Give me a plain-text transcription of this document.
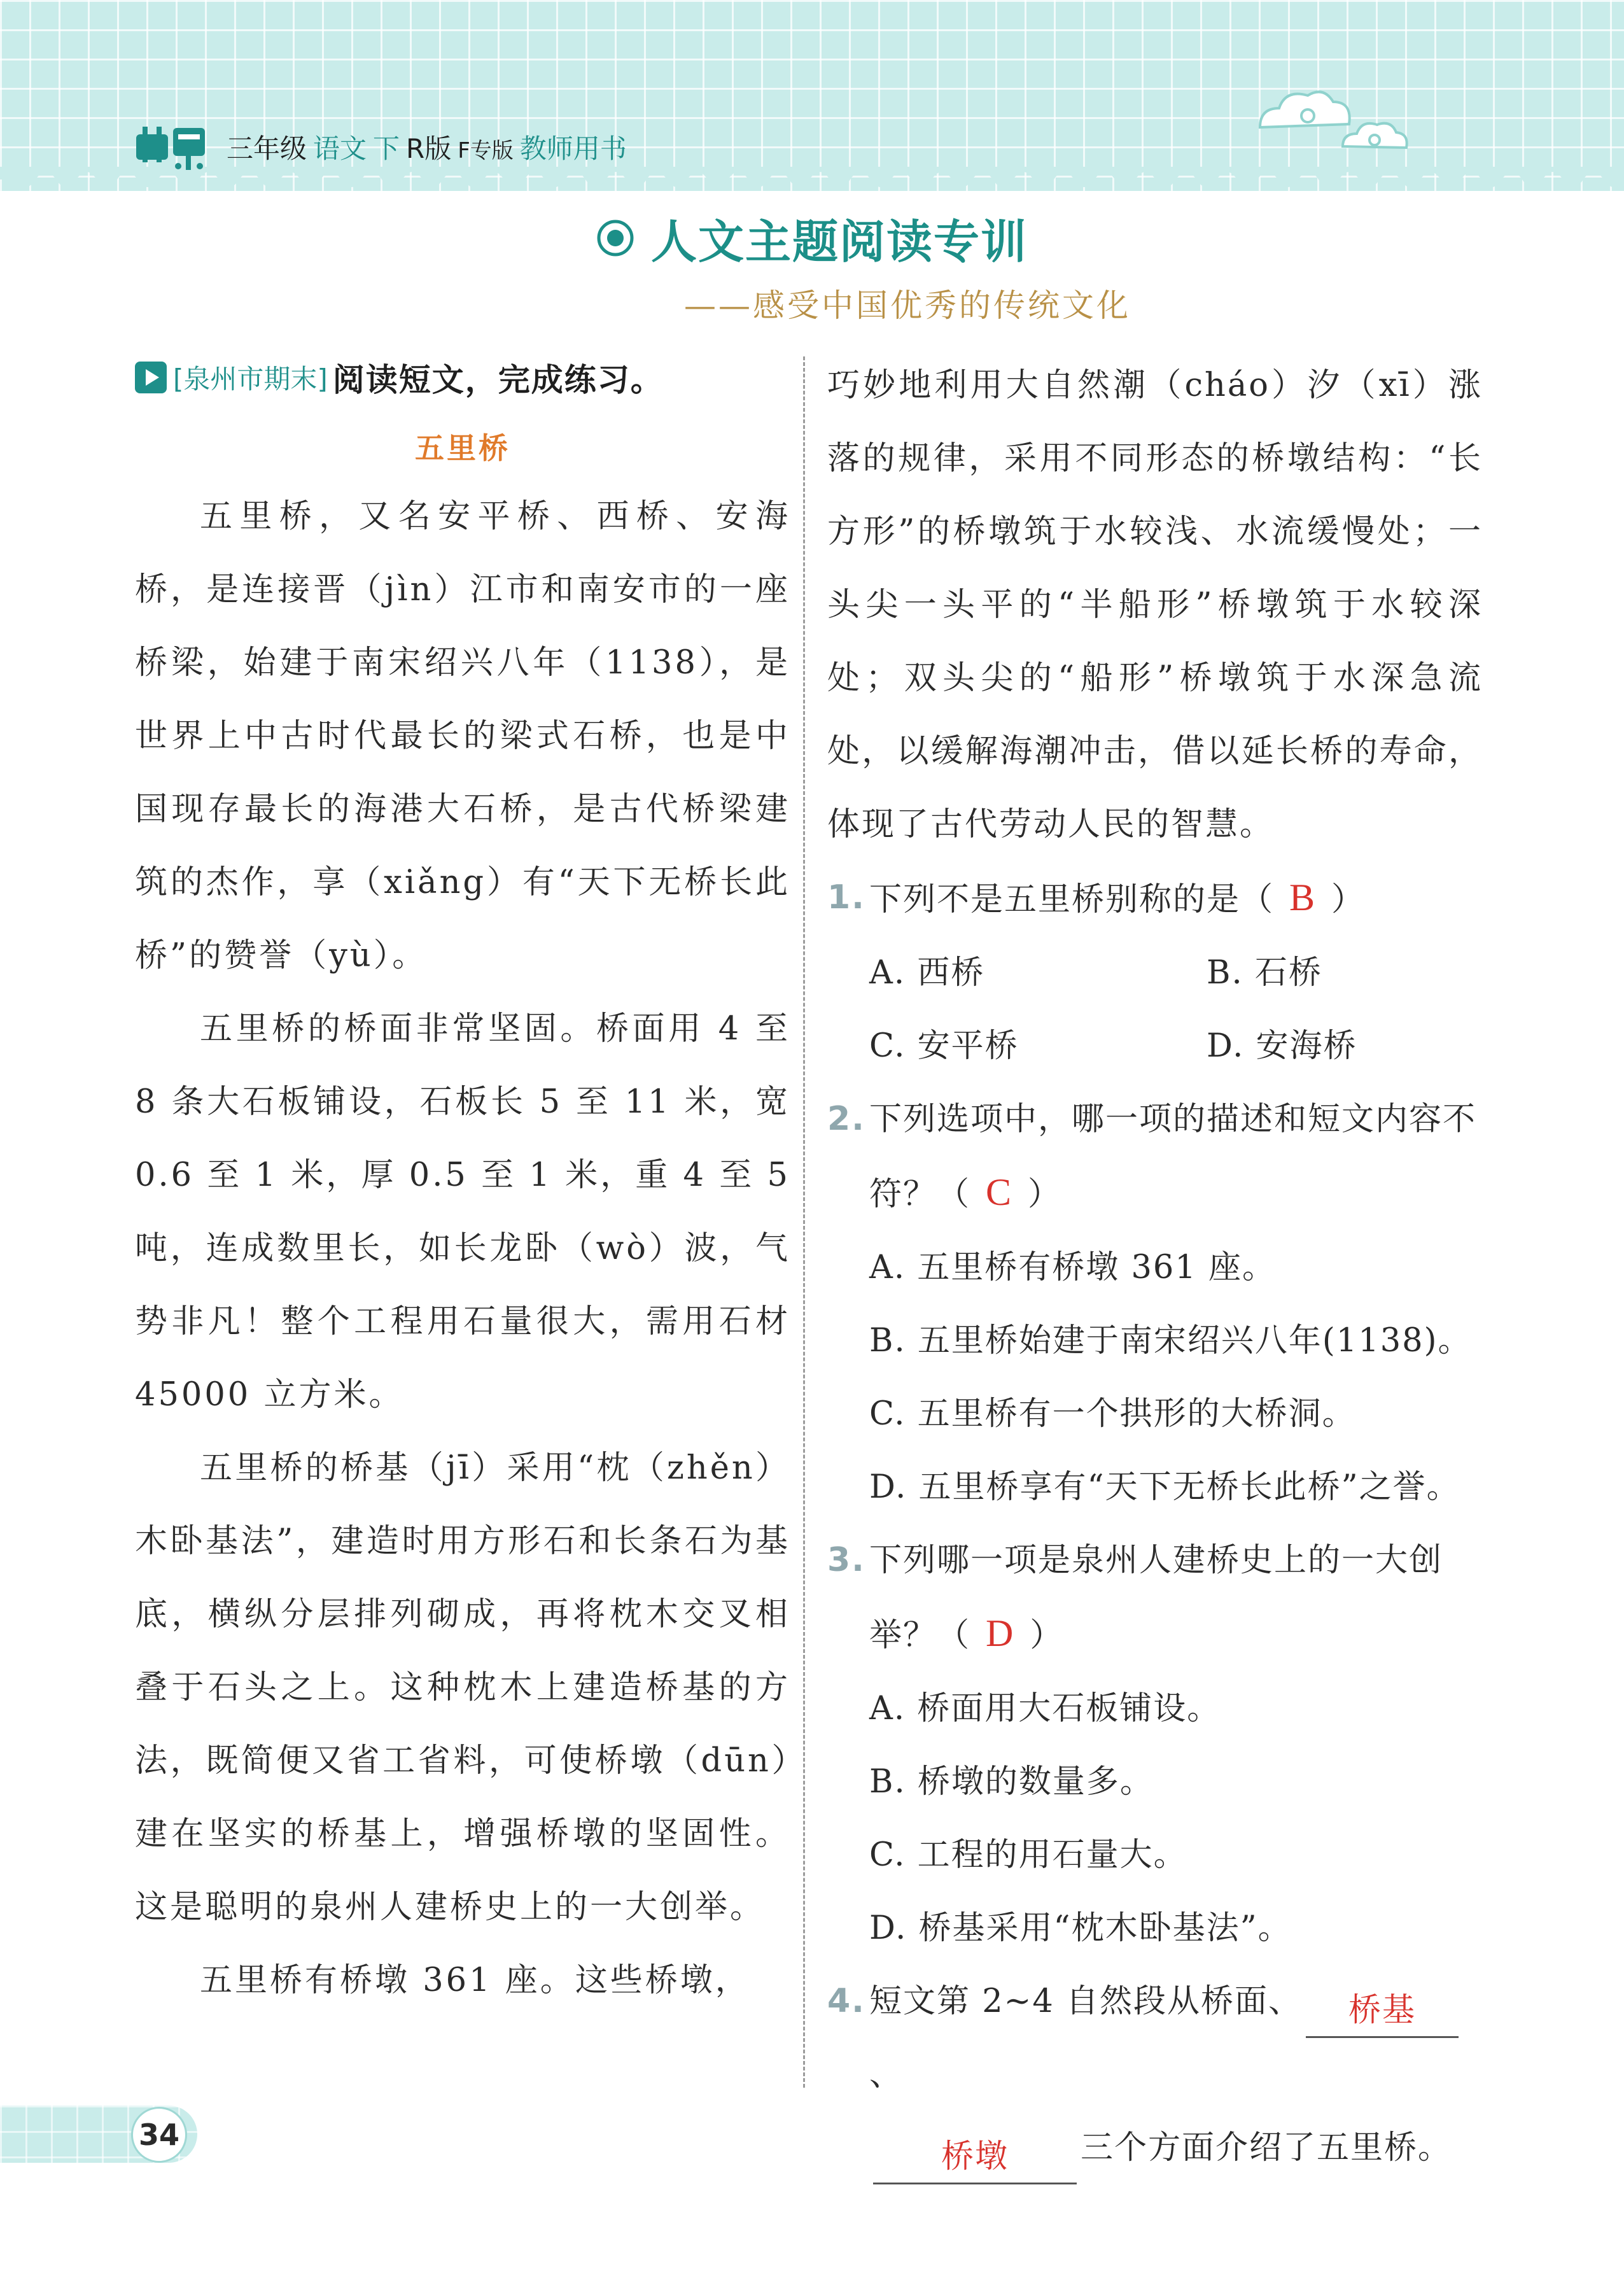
三年级 语文 下 R版 F专版 教师用书
人文主题阅读专训
——感受中国优秀的传统文化
[泉州市期末] 阅读短文，完成练习。
五里桥

五里桥，又名安平桥、西桥、安海桥，是连接晋（jìn）江市和南安市的一座桥梁，始建于南宋绍兴八年（1138），是世界上中古时代最长的梁式石桥，也是中国现存最长的海港大石桥，是古代桥梁建筑的杰作，享（xiǎng）有“天下无桥长此桥”的赞誉（yù）。

五里桥的桥面非常坚固。桥面用 4 至 8 条大石板铺设，石板长 5 至 11 米，宽 0.6 至 1 米，厚 0.5 至 1 米，重 4 至 5 吨，连成数里长，如长龙卧（wò）波，气势非凡！整个工程用石量很大，需用石材 45000 立方米。

五里桥的桥基（jī）采用“枕（zhěn）木卧基法”，建造时用方形石和长条石为基底，横纵分层排列砌成，再将枕木交叉相叠于石头之上。这种枕木上建造桥基的方法，既简便又省工省料，可使桥墩（dūn）建在坚实的桥基上，增强桥墩的坚固性。这是聪明的泉州人建桥史上的一大创举。

五里桥有桥墩 361 座。这些桥墩，

巧妙地利用大自然潮（cháo）汐（xī）涨落的规律，采用不同形态的桥墩结构：“长方形”的桥墩筑于水较浅、水流缓慢处；一头尖一头平的“半船形”桥墩筑于水较深处；双头尖的“船形”桥墩筑于水深急流处，以缓解海潮冲击，借以延长桥的寿命，体现了古代劳动人民的智慧。

1. 下列不是五里桥别称的是（ B ）
A. 西桥	B. 石桥
C. 安平桥	D. 安海桥
2. 下列选项中，哪一项的描述和短文内容不符？（ C ）
A. 五里桥有桥墩 361 座。
B. 五里桥始建于南宋绍兴八年(1138)。
C. 五里桥有一个拱形的大桥洞。
D. 五里桥享有“天下无桥长此桥”之誉。
3. 下列哪一项是泉州人建桥史上的一大创举？（ D ）
A. 桥面用大石板铺设。
B. 桥墩的数量多。
C. 工程的用石量大。
D. 桥基采用“枕木卧基法”。
4. 短文第 2~4 自然段从桥面、 桥基、
桥墩 三个方面介绍了五里桥。
34
